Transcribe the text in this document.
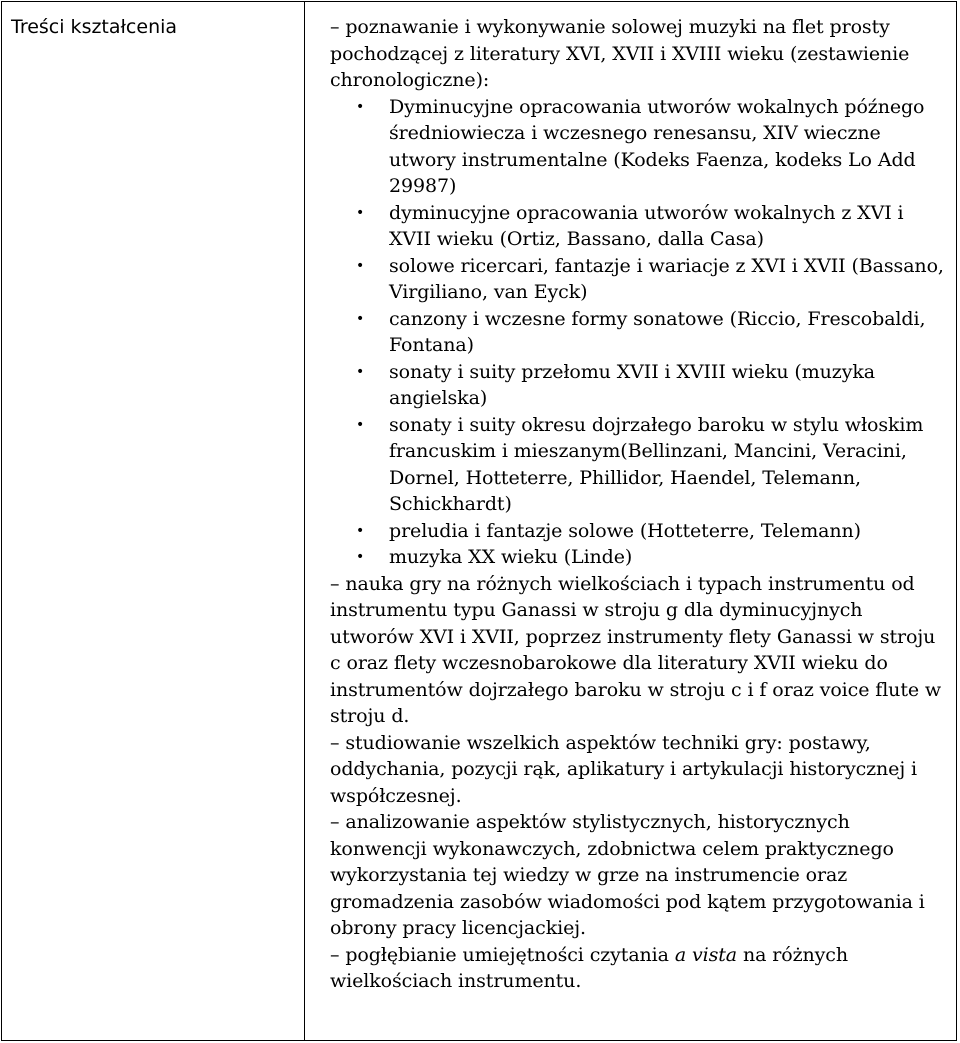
Treści kształcenia	– poznawanie i wykonywanie solowej muzyki na flet prosty pochodzącej z literatury XVI, XVII i XVIII wieku (zestawienie chronologiczne):

• Dyminucyjne opracowania utworów wokalnych późnego średniowiecza i wczesnego renesansu, XIV wieczne utwory instrumentalne (Kodeks Faenza, kodeks Lo Add 29987)
• dyminucyjne opracowania utworów wokalnych z XVI i XVII wieku (Ortiz, Bassano, dalla Casa)
• solowe ricercari, fantazje i wariacje z XVI i XVII (Bassano, Virgiliano, van Eyck)
• canzony i wczesne formy sonatowe (Riccio, Frescobaldi, Fontana)
• sonaty i suity przełomu XVII i XVIII wieku (muzyka angielska)
• sonaty i suity okresu dojrzałego baroku w stylu włoskim francuskim i mieszanym(Bellinzani, Mancini, Veracini, Dornel, Hotteterre, Phillidor, Haendel, Telemann, Schickhardt)
• preludia i fantazje solowe (Hotteterre, Telemann)
• muzyka XX wieku (Linde)

– nauka gry na różnych wielkościach i typach instrumentu od instrumentu typu Ganassi w stroju g dla dyminucyjnych utworów XVI i XVII, poprzez instrumenty flety Ganassi w stroju c oraz flety wczesnobarokowe dla literatury XVII wieku do instrumentów dojrzałego baroku w stroju c i f oraz voice flute w stroju d.

– studiowanie wszelkich aspektów techniki gry: postawy, oddychania, pozycji rąk, aplikatury i artykulacji historycznej i współczesnej.

– analizowanie aspektów stylistycznych, historycznych konwencji wykonawczych, zdobnictwa celem praktycznego wykorzystania tej wiedzy w grze na instrumencie oraz gromadzenia zasobów wiadomości pod kątem przygotowania i obrony pracy licencjackiej.

– pogłębianie umiejętności czytania a vista na różnych wielkościach instrumentu.
